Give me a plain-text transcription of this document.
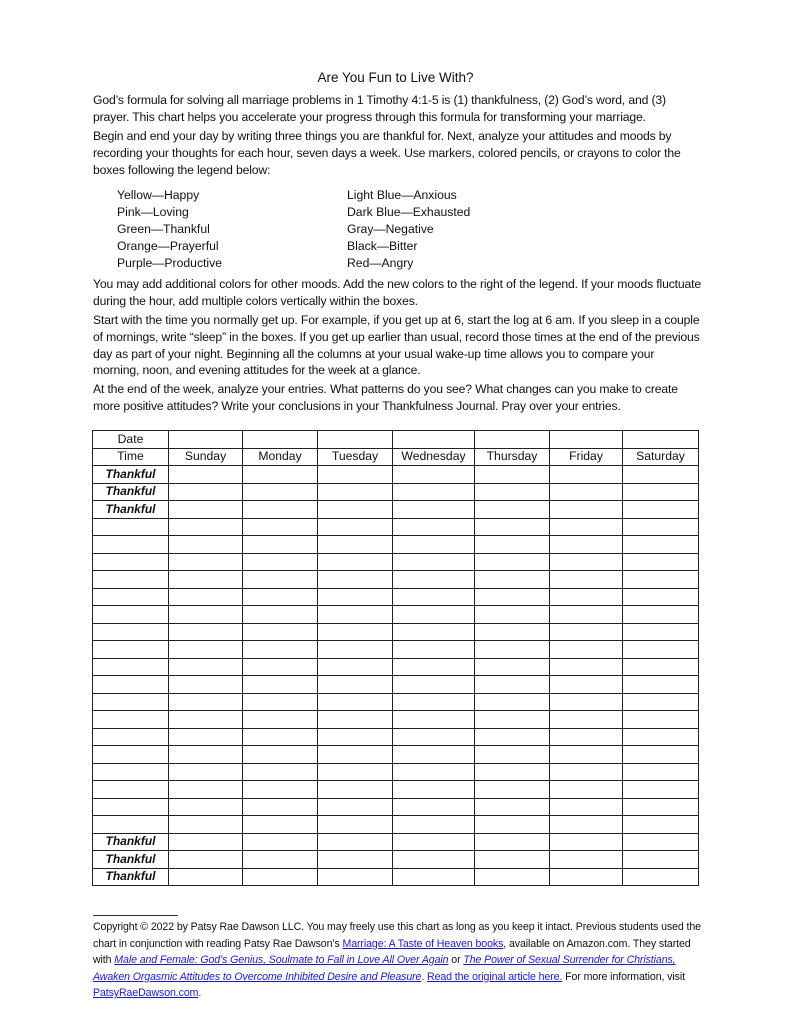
Are You Fun to Live With?

God’s formula for solving all marriage problems in 1 Timothy 4:1-5 is (1) thankfulness, (2) God’s word, and (3) prayer. This chart helps you accelerate your progress through this formula for transforming your marriage.

Begin and end your day by writing three things you are thankful for. Next, analyze your attitudes and moods by recording your thoughts for each hour, seven days a week. Use markers, colored pencils, or crayons to color the boxes following the legend below:

Yellow—Happy
Pink—Loving
Green—Thankful
Orange—Prayerful
Purple—Productive
Light Blue—Anxious
Dark Blue—Exhausted
Gray—Negative
Black—Bitter
Red—Angry

You may add additional colors for other moods. Add the new colors to the right of the legend. If your moods fluctuate during the hour, add multiple colors vertically within the boxes.

Start with the time you normally get up. For example, if you get up at 6, start the log at 6 am. If you sleep in a couple of mornings, write “sleep” in the boxes. If you get up earlier than usual, record those times at the end of the previous day as part of your night. Beginning all the columns at your usual wake-up time allows you to compare your morning, noon, and evening attitudes for the week at a glance.

At the end of the week, analyze your entries. What patterns do you see? What changes can you make to create more positive attitudes? Write your conclusions in your Thankfulness Journal. Pray over your entries.

Date							
Time	Sunday	Monday	Tuesday	Wednesday	Thursday	Friday	Saturday
Thankful							
Thankful							
Thankful							

Thankful							
Thankful							
Thankful							

Copyright © 2022 by Patsy Rae Dawson LLC. You may freely use this chart as long as you keep it intact. Previous students used the chart in conjunction with reading Patsy Rae Dawson’s Marriage: A Taste of Heaven books, available on Amazon.com. They started with Male and Female: God’s Genius, Soulmate to Fall in Love All Over Again or The Power of Sexual Surrender for Christians, Awaken Orgasmic Attitudes to Overcome Inhibited Desire and Pleasure. Read the original article here. For more information, visit PatsyRaeDawson.com.
